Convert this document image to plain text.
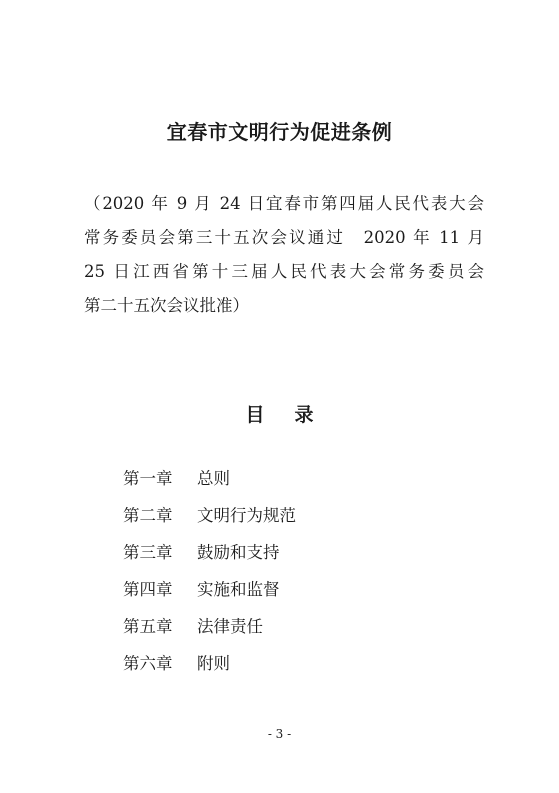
宜春市文明行为促进条例
（2020 年 9 月 24 日宜春市第四届人民代表大会
常务委员会第三十五次会议通过　2020 年 11 月
25 日江西省第十三届人民代表大会常务委员会
第二十五次会议批准）
目 录
第一章	总则
第二章	文明行为规范
第三章	鼓励和支持
第四章	实施和监督
第五章	法律责任
第六章	附则
- 3 -
